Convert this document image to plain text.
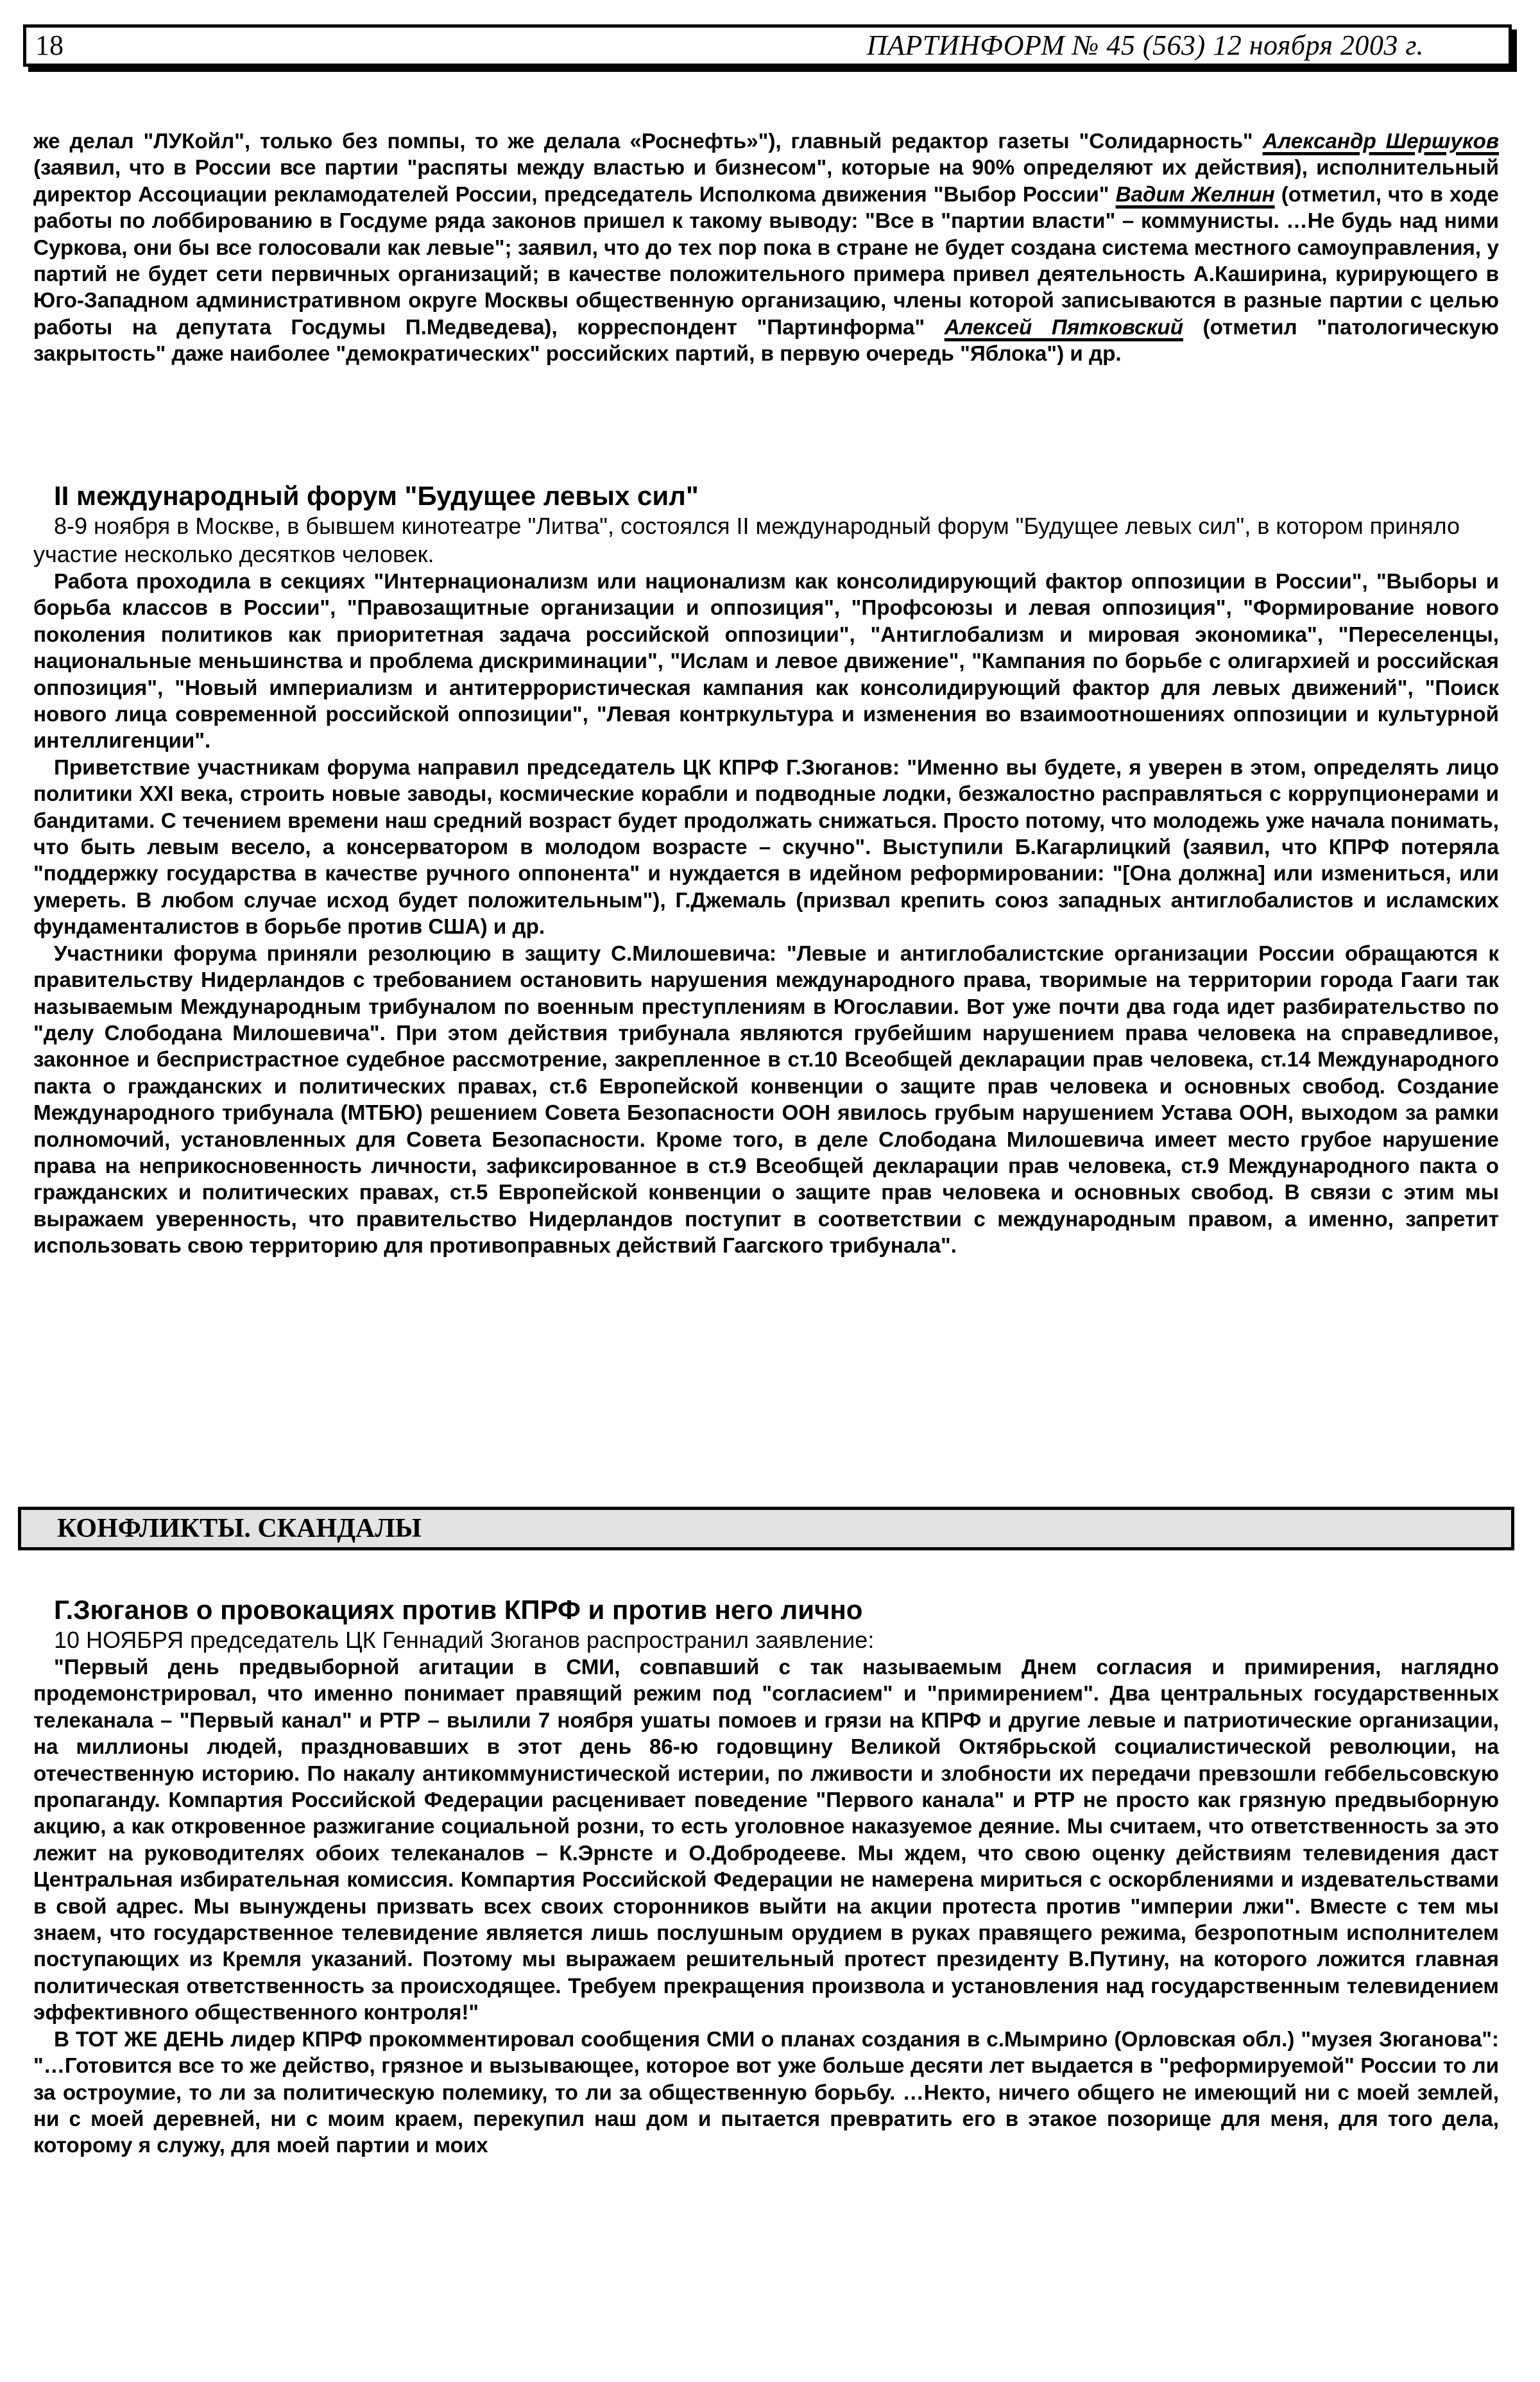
18	ПАРТИНФОРМ № 45 (563) 12 ноября 2003 г.

же делал "ЛУКойл", только без помпы, то же делала «Роснефть»"), главный редактор газеты "Солидарность" Александр Шершуков (заявил, что в России все партии "распяты между властью и бизнесом", которые на 90% определяют их действия), исполнительный директор Ассоциации рекламодателей России, председатель Исполкома движения "Выбор России" Вадим Желнин (отметил, что в ходе работы по лоббированию в Госдуме ряда законов пришел к такому выводу: "Все в "партии власти" – коммунисты. …Не будь над ними Суркова, они бы все голосовали как левые"; заявил, что до тех пор пока в стране не будет создана система местного самоуправления, у партий не будет сети первичных организаций; в качестве положительного примера привел деятельность А.Каширина, курирующего в Юго-Западном административном округе Москвы общественную организацию, члены которой записываются в разные партии с целью работы на депутата Госдумы П.Медведева), корреспондент "Партинформа" Алексей Пятковский (отметил "патологическую закрытость" даже наиболее "демократических" российских партий, в первую очередь "Яблока") и др.

II международный форум "Будущее левых сил"

8-9 ноября в Москве, в бывшем кинотеатре "Литва", состоялся II международный форум "Будущее левых сил", в котором приняло участие несколько десятков человек.

Работа проходила в секциях "Интернационализм или национализм как консолидирующий фактор оппозиции в России", "Выборы и борьба классов в России", "Правозащитные организации и оппозиция", "Профсоюзы и левая оппозиция", "Формирование нового поколения политиков как приоритетная задача российской оппозиции", "Антиглобализм и мировая экономика", "Переселенцы, национальные меньшинства и проблема дискриминации", "Ислам и левое движение", "Кампания по борьбе с олигархией и российская оппозиция", "Новый империализм и антитеррористическая кампания как консолидирующий фактор для левых движений", "Поиск нового лица современной российской оппозиции", "Левая контркультура и изменения во взаимоотношениях оппозиции и культурной интеллигенции".

Приветствие участникам форума направил председатель ЦК КПРФ Г.Зюганов: "Именно вы будете, я уверен в этом, определять лицо политики XXI века, строить новые заводы, космические корабли и подводные лодки, безжалостно расправляться с коррупционерами и бандитами. С течением времени наш средний возраст будет продолжать снижаться. Просто потому, что молодежь уже начала понимать, что быть левым весело, а консерватором в молодом возрасте – скучно". Выступили Б.Кагарлицкий (заявил, что КПРФ потеряла "поддержку государства в качестве ручного оппонента" и нуждается в идейном реформировании: "[Она должна] или измениться, или умереть. В любом случае исход будет положительным"), Г.Джемаль (призвал крепить союз западных антиглобалистов и исламских фундаменталистов в борьбе против США) и др.

Участники форума приняли резолюцию в защиту С.Милошевича: "Левые и антиглобалистские организации России обращаются к правительству Нидерландов с требованием остановить нарушения международного права, творимые на территории города Гааги так называемым Международным трибуналом по военным преступлениям в Югославии. Вот уже почти два года идет разбирательство по "делу Слободана Милошевича". При этом действия трибунала являются грубейшим нарушением права человека на справедливое, законное и беспристрастное судебное рассмотрение, закрепленное в ст.10 Всеобщей декларации прав человека, ст.14 Международного пакта о гражданских и политических правах, ст.6 Европейской конвенции о защите прав человека и основных свобод. Создание Международного трибунала (МТБЮ) решением Совета Безопасности ООН явилось грубым нарушением Устава ООН, выходом за рамки полномочий, установленных для Совета Безопасности. Кроме того, в деле Слободана Милошевича имеет место грубое нарушение права на неприкосновенность личности, зафиксированное в ст.9 Всеобщей декларации прав человека, ст.9 Международного пакта о гражданских и политических правах, ст.5 Европейской конвенции о защите прав человека и основных свобод. В связи с этим мы выражаем уверенность, что правительство Нидерландов поступит в соответствии с международным правом, а именно, запретит использовать свою территорию для противоправных действий Гаагского трибунала".

КОНФЛИКТЫ. СКАНДАЛЫ
Г.Зюганов о провокациях против КПРФ и против него лично

10 НОЯБРЯ председатель ЦК Геннадий Зюганов распространил заявление:

"Первый день предвыборной агитации в СМИ, совпавший с так называемым Днем согласия и примирения, наглядно продемонстрировал, что именно понимает правящий режим под "согласием" и "примирением". Два центральных государственных телеканала – "Первый канал" и РТР – вылили 7 ноября ушаты помоев и грязи на КПРФ и другие левые и патриотические организации, на миллионы людей, праздновавших в этот день 86-ю годовщину Великой Октябрьской социалистической революции, на отечественную историю. По накалу антикоммунистической истерии, по лживости и злобности их передачи превзошли геббельсовскую пропаганду. Компартия Российской Федерации расценивает поведение "Первого канала" и РТР не просто как грязную предвыборную акцию, а как откровенное разжигание социальной розни, то есть уголовное наказуемое деяние. Мы считаем, что ответственность за это лежит на руководителях обоих телеканалов – К.Эрнсте и О.Добродееве. Мы ждем, что свою оценку действиям телевидения даст Центральная избирательная комиссия. Компартия Российской Федерации не намерена мириться с оскорблениями и издевательствами в свой адрес. Мы вынуждены призвать всех своих сторонников выйти на акции протеста против "империи лжи". Вместе с тем мы знаем, что государственное телевидение является лишь послушным орудием в руках правящего режима, безропотным исполнителем поступающих из Кремля указаний. Поэтому мы выражаем решительный протест президенту В.Путину, на которого ложится главная политическая ответственность за происходящее. Требуем прекращения произвола и установления над государственным телевидением эффективного общественного контроля!"

В ТОТ ЖЕ ДЕНЬ лидер КПРФ прокомментировал сообщения СМИ о планах создания в с.Мымрино (Орловская обл.) "музея Зюганова": "…Готовится все то же действо, грязное и вызывающее, которое вот уже больше десяти лет выдается в "реформируемой" России то ли за остроумие, то ли за политическую полемику, то ли за общественную борьбу. …Некто, ничего общего не имеющий ни с моей землей, ни с моей деревней, ни с моим краем, перекупил наш дом и пытается превратить его в этакое позорище для меня, для того дела, которому я служу, для моей партии и моих
